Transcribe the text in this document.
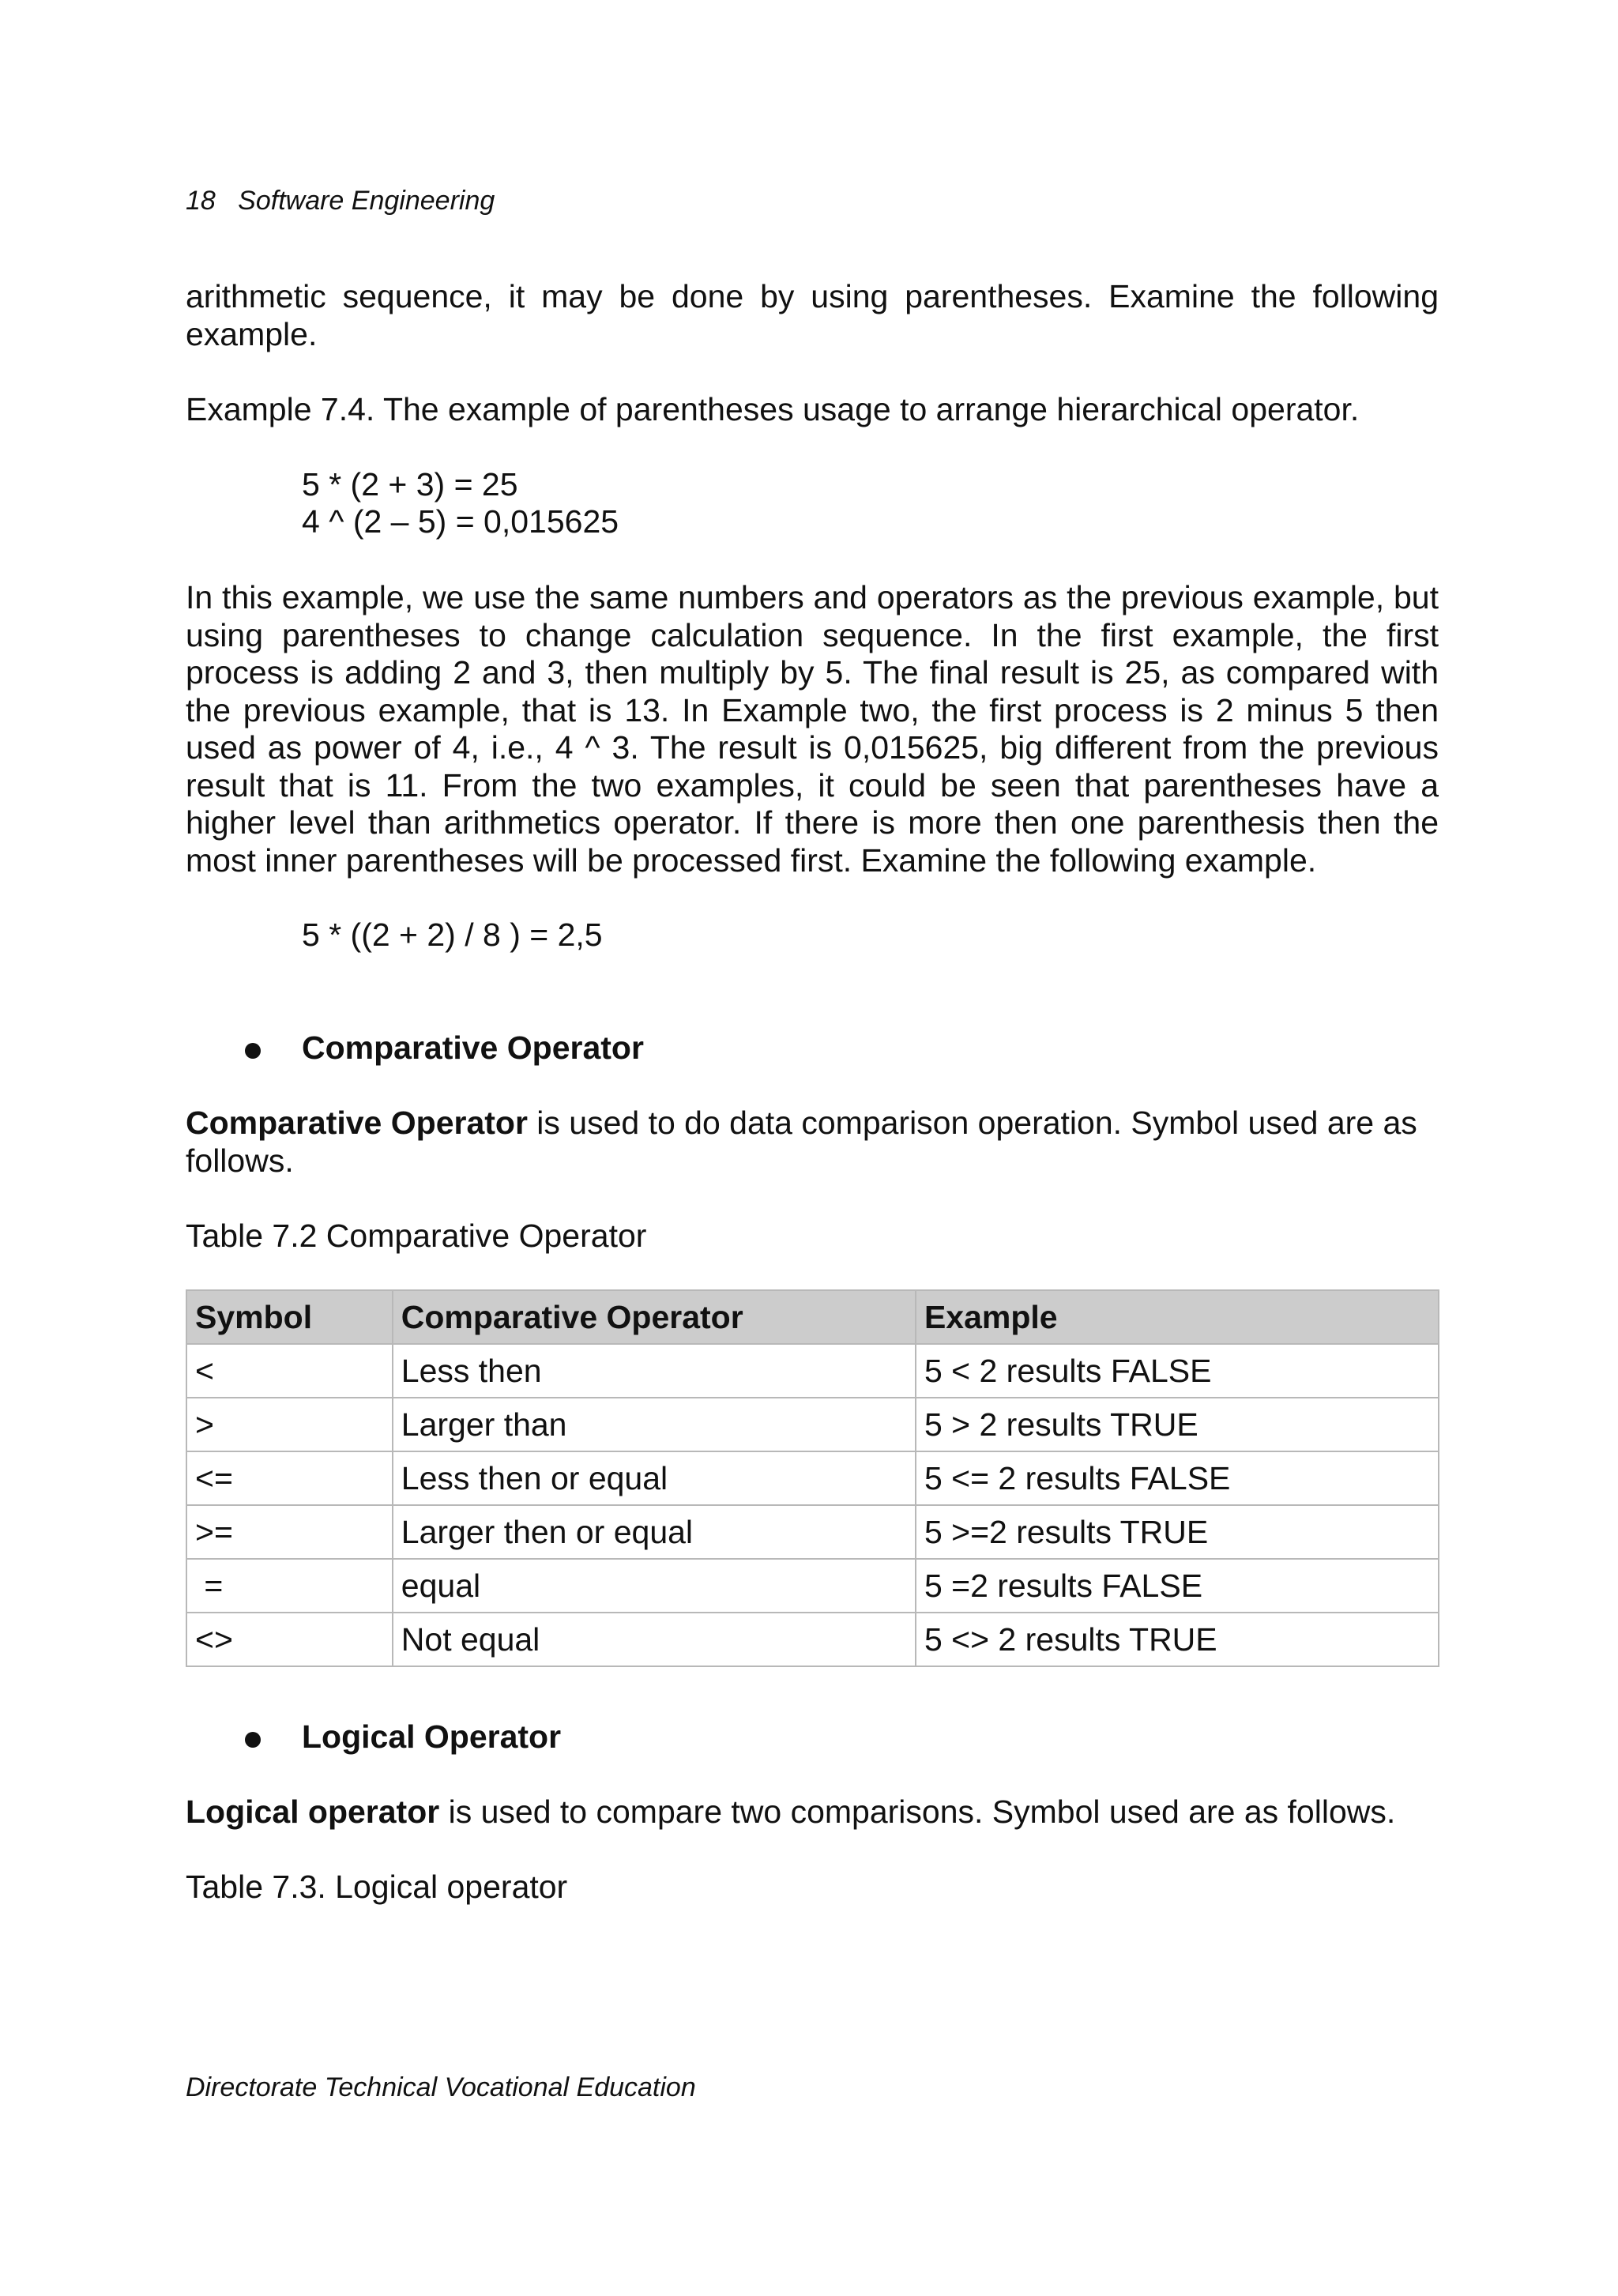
18 Software Engineering

arithmetic sequence, it may be done by using parentheses. Examine the following example.

Example 7.4. The example of parentheses usage to arrange hierarchical operator.

5 * (2 + 3) = 25
4 ^ (2 – 5) = 0,015625

In this example, we use the same numbers and operators as the previous example, but using parentheses to change calculation sequence. In the first example, the first process is adding 2 and 3, then multiply by 5. The final result is 25, as compared with the previous example, that is 13. In Example two, the first process is 2 minus 5 then used as power of 4, i.e., 4 ^ 3. The result is 0,015625, big different from the previous result that is 11. From the two examples, it could be seen that parentheses have a higher level than arithmetics operator. If there is more then one parenthesis then the most inner parentheses will be processed first. Examine the following example.

5 * ((2 + 2) / 8 ) = 2,5
Comparative Operator

Comparative Operator is used to do data comparison operation. Symbol used are as follows.

Table 7.2 Comparative Operator

Symbol	Comparative Operator	Example
<	Less then	5 < 2 results FALSE
>	Larger than	5 > 2 results TRUE
<=	Less then or equal	5 <= 2 results FALSE
>=	Larger then or equal	5 >=2 results TRUE
=	equal	5 =2 results FALSE
<>	Not equal	5 <> 2 results TRUE
Logical Operator

Logical operator is used to compare two comparisons. Symbol used are as follows.

Table 7.3. Logical operator

Directorate Technical Vocational Education
